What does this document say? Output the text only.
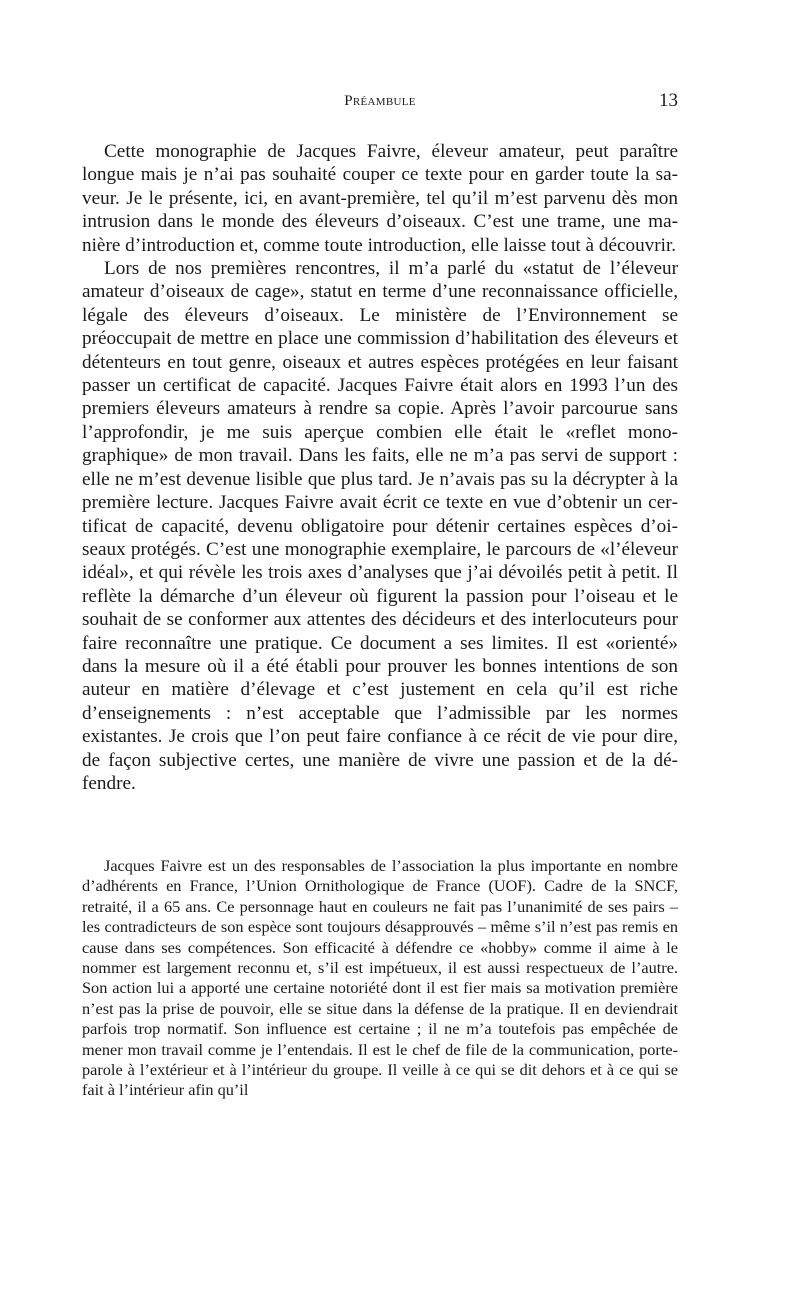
Préambule	13

Cette monographie de Jacques Faivre, éleveur amateur, peut paraître longue mais je n’ai pas souhaité couper ce texte pour en garder toute la saveur. Je le présente, ici, en avant-première, tel qu’il m’est parvenu dès mon intrusion dans le monde des éleveurs d’oiseaux. C’est une trame, une manière d’introduction et, comme toute introduction, elle laisse tout à découvrir.

Lors de nos premières rencontres, il m’a parlé du «statut de l’éleveur amateur d’oiseaux de cage», statut en terme d’une reconnaissance officielle, légale des éleveurs d’oiseaux. Le ministère de l’Environnement se préoccupait de mettre en place une commission d’habilitation des éleveurs et détenteurs en tout genre, oiseaux et autres espèces protégées en leur faisant passer un certificat de capacité. Jacques Faivre était alors en 1993 l’un des premiers éleveurs amateurs à rendre sa copie. Après l’avoir parcourue sans l’approfondir, je me suis aperçue combien elle était le «reflet monographique» de mon travail. Dans les faits, elle ne m’a pas servi de support : elle ne m’est devenue lisible que plus tard. Je n’avais pas su la décrypter à la première lecture. Jacques Faivre avait écrit ce texte en vue d’obtenir un certificat de capacité, devenu obligatoire pour détenir certaines espèces d’oiseaux protégés. C’est une monographie exemplaire, le parcours de «l’éleveur idéal», et qui révèle les trois axes d’analyses que j’ai dévoilés petit à petit. Il reflète la démarche d’un éleveur où figurent la passion pour l’oiseau et le souhait de se conformer aux attentes des décideurs et des interlocuteurs pour faire reconnaître une pratique. Ce document a ses limites. Il est «orienté» dans la mesure où il a été établi pour prouver les bonnes intentions de son auteur en matière d’élevage et c’est justement en cela qu’il est riche d’enseignements : n’est acceptable que l’admissible par les normes existantes. Je crois que l’on peut faire confiance à ce récit de vie pour dire, de façon subjective certes, une manière de vivre une passion et de la défendre.

Jacques Faivre est un des responsables de l’association la plus importante en nombre d’adhérents en France, l’Union Ornithologique de France (UOF). Cadre de la SNCF, retraité, il a 65 ans. Ce personnage haut en couleurs ne fait pas l’unanimité de ses pairs – les contradicteurs de son espèce sont toujours désapprouvés – même s’il n’est pas remis en cause dans ses compétences. Son efficacité à défendre ce «hobby» comme il aime à le nommer est largement reconnu et, s’il est impétueux, il est aussi respectueux de l’autre. Son action lui a apporté une certaine notoriété dont il est fier mais sa motivation première n’est pas la prise de pouvoir, elle se situe dans la défense de la pratique. Il en deviendrait parfois trop normatif. Son influence est certaine ; il ne m’a toutefois pas empêchée de mener mon travail comme je l’entendais. Il est le chef de file de la communication, porte-parole à l’extérieur et à l’intérieur du groupe. Il veille à ce qui se dit dehors et à ce qui se fait à l’intérieur afin qu’il
